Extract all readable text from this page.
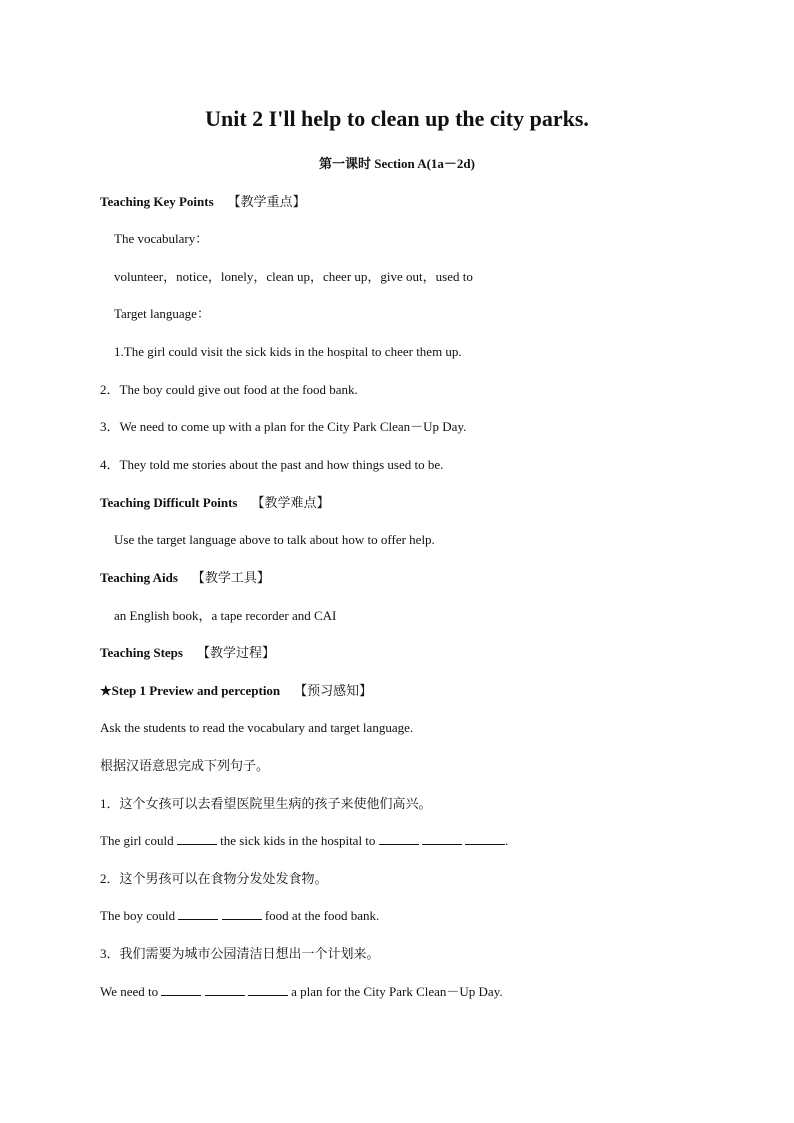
Unit 2 I'll help to clean up the city parks.
第一课时 Section A(1a－2d)
Teaching Key Points 【教学重点】
The vocabulary：
volunteer，notice，lonely，clean up，cheer up，give out，used to
Target language：
1.The girl could visit the sick kids in the hospital to cheer them up.
2．The boy could give out food at the food bank.
3．We need to come up with a plan for the City Park Clean－Up Day.
4．They told me stories about the past and how things used to be.
Teaching Difficult Points 【教学难点】
Use the target language above to talk about how to offer help.
Teaching Aids 【教学工具】
an English book，a tape recorder and CAI
Teaching Steps 【教学过程】
★Step 1 Preview and perception 【预习感知】
Ask the students to read the vocabulary and target language.
根据汉语意思完成下列句子。
1．这个女孩可以去看望医院里生病的孩子来使他们高兴。
The girl could	the sick kids in the hospital to	.
2．这个男孩可以在食物分发处发食物。
The boy could	food at the food bank.
3．我们需要为城市公园清洁日想出一个计划来。
We need to	a plan for the City Park Clean－Up Day.
